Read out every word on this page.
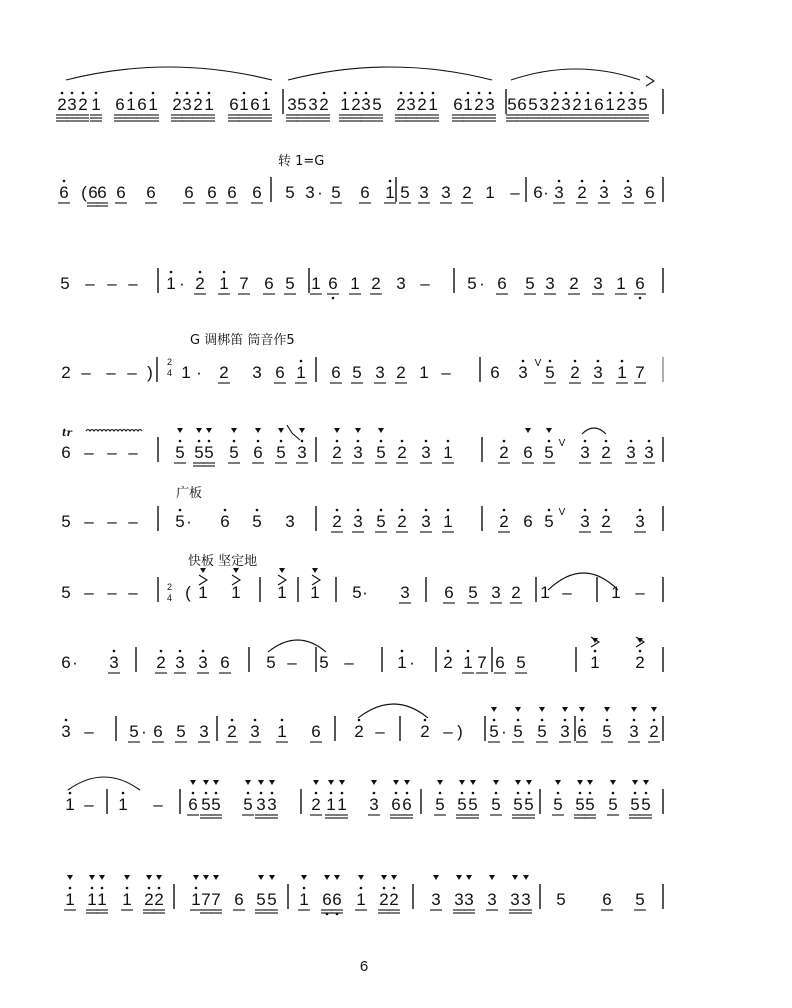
2 3 2 1 6 1 6 1 2 3 2 1 6 1 6 1 3 5 3 2 1 2 3 5 2 3 2 1 6 1 2 3 5 6 5 3 2 3 2 1 6 1 2 3 5
6 ( 6 6 6 6 6 6 6 6 5 3 · 5 6 1 5 3 3 2 1 – 6 · 3 2 3 3 6
5 – – – 1 · 2 1 7 6 5 1 6 1 2 3 – 5 · 6 5 3 2 3 1 6
2 – – – ) 1 · 2 3 6 1 6 5 3 2 1 – 6 3 V 5 2 3 1 7
6 – – – 5 5 5 5 6 5 3 2 3 5 2 3 1	2 6 5 V 3 2 3 3
5 – – – 5 · 6 5 3 2 3 5 2 3 1	2 6 5 V 3 2 3
5 – – –	( 1 1 1 1 5 · 3 6 5 3 2 1 – 1 –
6 · 3 2 3 3 6 5 – 5 –	1 · 2 1 7 6 5	1 2
3 – 5 · 6 5 3 2 3 1 6 2 – 2 – ) 5 · 5 5 3 6 5 3 2
1 – 1 – 6 5 5 5 3 3 2 1 1 3 6 6 5 5 5 5 5 5 5 5 5 5 5 5
1 1 1 1 2 2 1 7 7 6 5 5 1 6 6 1 2 2 3 3 3 3 3 3 5 6 5
转 1=G
G 调梆笛 筒音作5
广板
快板 坚定地
tr
2
4
2
4
6
